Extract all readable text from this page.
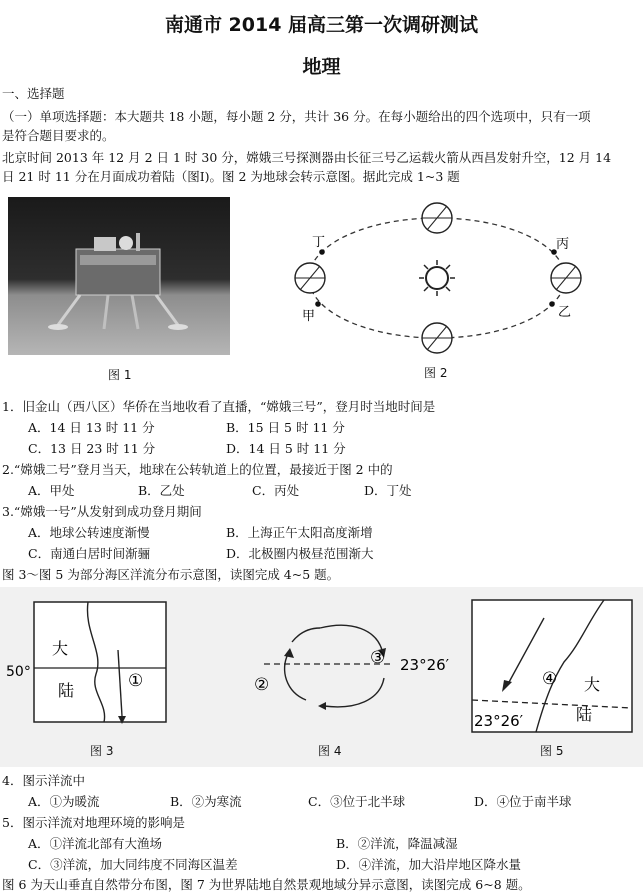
南通市 2014 届高三第一次调研测试
地理
一、选择题
（一）单项选择题：本大题共 18 小题，每小题 2 分，共计 36 分。在每小题给出的四个选项中，只有一项
是符合题目要求的。
北京时间 2013 年 12 月 2 日 1 时 30 分，嫦娥三号探测器由长征三号乙运载火箭从西昌发射升空，12 月 14
日 21 时 11 分在月面成功着陆（图Ⅰ)。图 2 为地球会转示意图。据此完成 1~3 题
图 1
丁
甲
丙
乙
图 2
1．旧金山（西八区）华侨在当地收看了直播，“嫦娥三号”，登月时当地时间是
A．14 日 13 时 11 分	B．15 日 5 时 11 分
C．13 日 23 时 11 分	D．14 日 5 时 11 分
2.“嫦娥二号”登月当天，地球在公转轨道上的位置，最接近于图 2 中的
A．甲处	B．乙处	C．丙处	D．丁处
3.“嫦娥一号”从发射到成功登月期间
A．地球公转速度渐慢	B．上海正午太阳高度渐增
C．南通白居时间渐骊	D．北极圈内极昼范围渐大
图 3～图 5 为部分海区洋流分布示意图，读图完成 4~5 题。
50°
大
陆	①
图 3
③
②
23°26′
图 4
④ 大
陆
23°26′
图 5
4．图示洋流中
A．①为暖流	B．②为寒流	C．③位于北半球	D．④位于南半球
5．图示洋流对地理环境的影响是
A．①洋流北部有大渔场	B．②洋流，降温减湿
C．③洋流，加大同纬度不同海区温差	D．④洋流，加大沿岸地区降水量
图 6 为天山垂直自然带分布图，图 7 为世界陆地自然景观地域分异示意图，读图完成 6~8 题。
